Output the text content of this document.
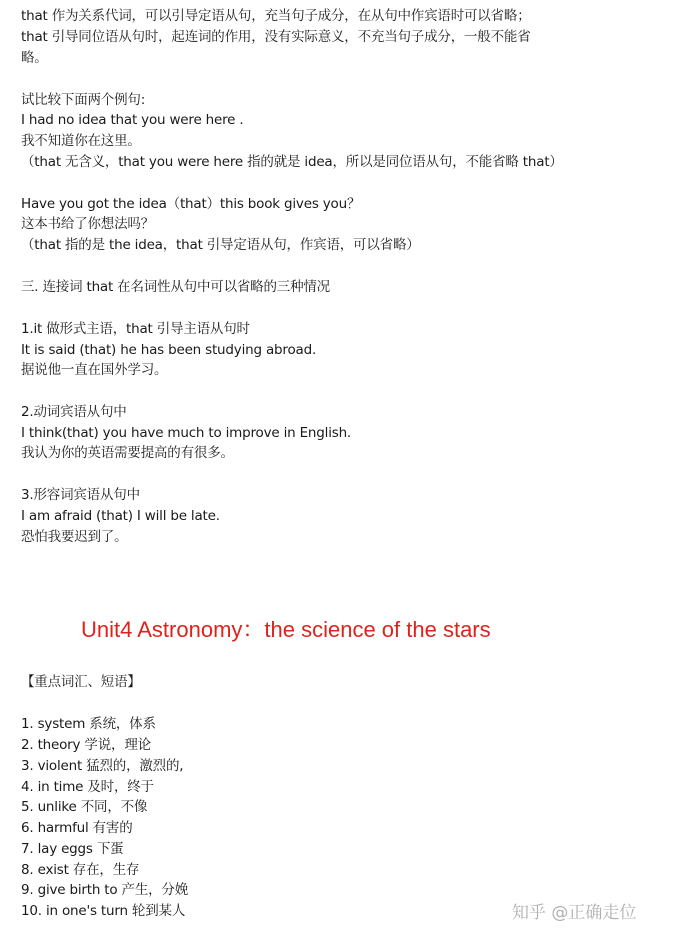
that 作为关系代词，可以引导定语从句，充当句子成分，在从句中作宾语时可以省略；
that 引导同位语从句时，起连词的作用，没有实际意义，不充当句子成分，一般不能省
略。
试比较下面两个例句:
I had no idea that you were here .
我不知道你在这里。
（that 无含义，that you were here 指的就是 idea，所以是同位语从句，不能省略 that）
Have you got the idea（that）this book gives you？
这本书给了你想法吗？
（that 指的是 the idea，that 引导定语从句，作宾语，可以省略）
三. 连接词 that 在名词性从句中可以省略的三种情况
1.it 做形式主语，that 引导主语从句时
It is said (that) he has been studying abroad.
据说他一直在国外学习。
2.动词宾语从句中
I think(that) you have much to improve in English.
我认为你的英语需要提高的有很多。
3.形容词宾语从句中
I am afraid (that) I will be late.
恐怕我要迟到了。
Unit4 Astronomy：the science of the stars
【重点词汇、短语】
1. system 系统，体系
2. theory 学说，理论
3. violent 猛烈的，激烈的,
4. in time 及时，终于
5. unlike 不同，不像
6. harmful 有害的
7. lay eggs 下蛋
8. exist 存在，生存
9. give birth to 产生，分娩
10. in one's turn 轮到某人	知乎 @正确走位
